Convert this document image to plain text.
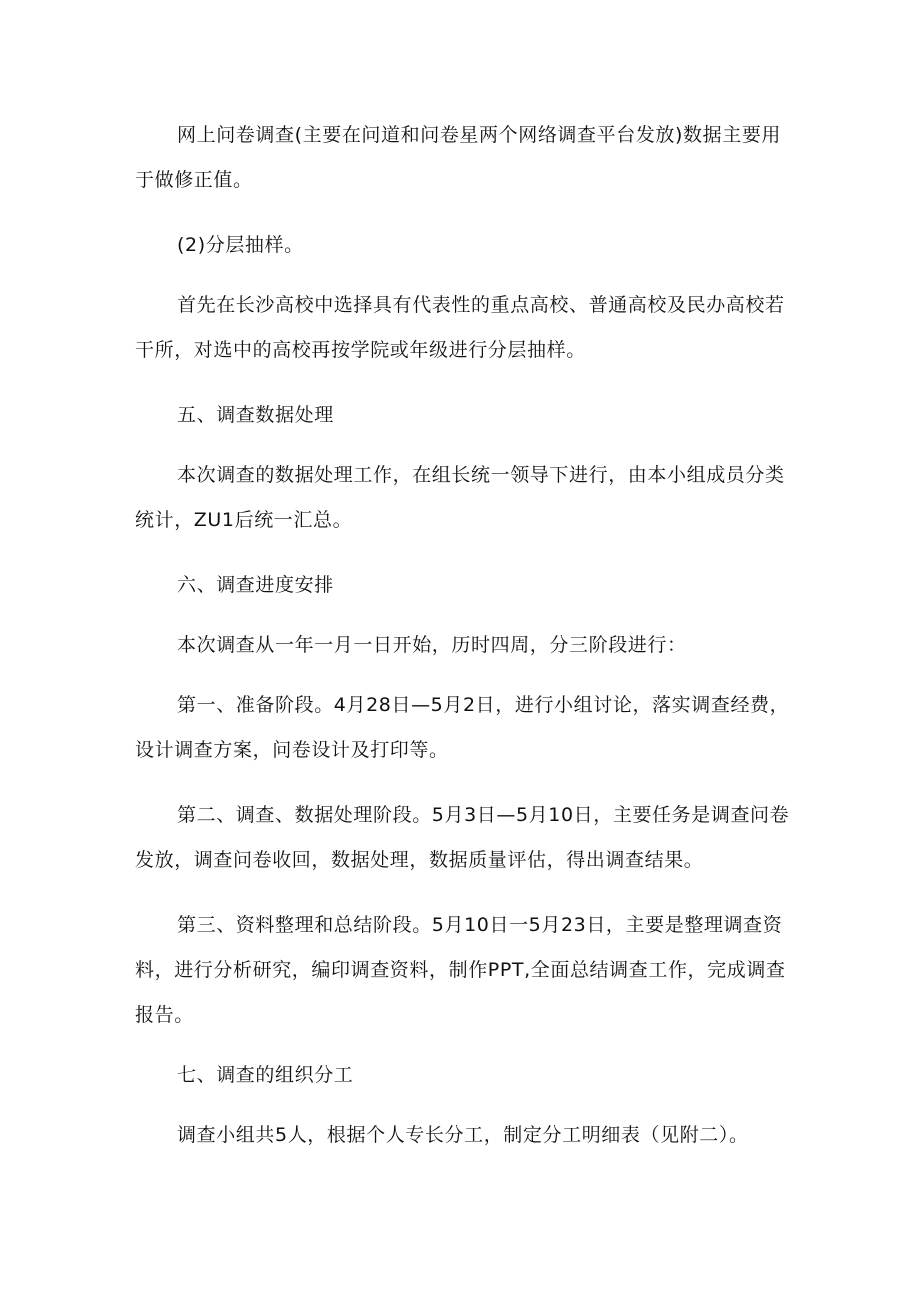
网上问卷调查(主要在问道和问卷星两个网络调查平台发放)数据主要用于做修正值。

(2)分层抽样。

首先在长沙高校中选择具有代表性的重点高校、普通高校及民办高校若干所，对选中的高校再按学院或年级进行分层抽样。

五、调查数据处理

本次调查的数据处理工作，在组长统一领导下进行，由本小组成员分类统计，ZU1后统一汇总。

六、调查进度安排

本次调查从一年一月一日开始，历时四周，分三阶段进行：

第一、准备阶段。4月28日—5月2日，进行小组讨论，落实调查经费，设计调查方案，问卷设计及打印等。

第二、调查、数据处理阶段。5月3日—5月10日，主要任务是调查问卷发放，调查问卷收回，数据处理，数据质量评估，得出调查结果。

第三、资料整理和总结阶段。5月10日一5月23日，主要是整理调查资料，进行分析研究，编印调查资料，制作PPT,全面总结调查工作，完成调查报告。

七、调查的组织分工

调查小组共5人，根据个人专长分工，制定分工明细表（见附二）。
